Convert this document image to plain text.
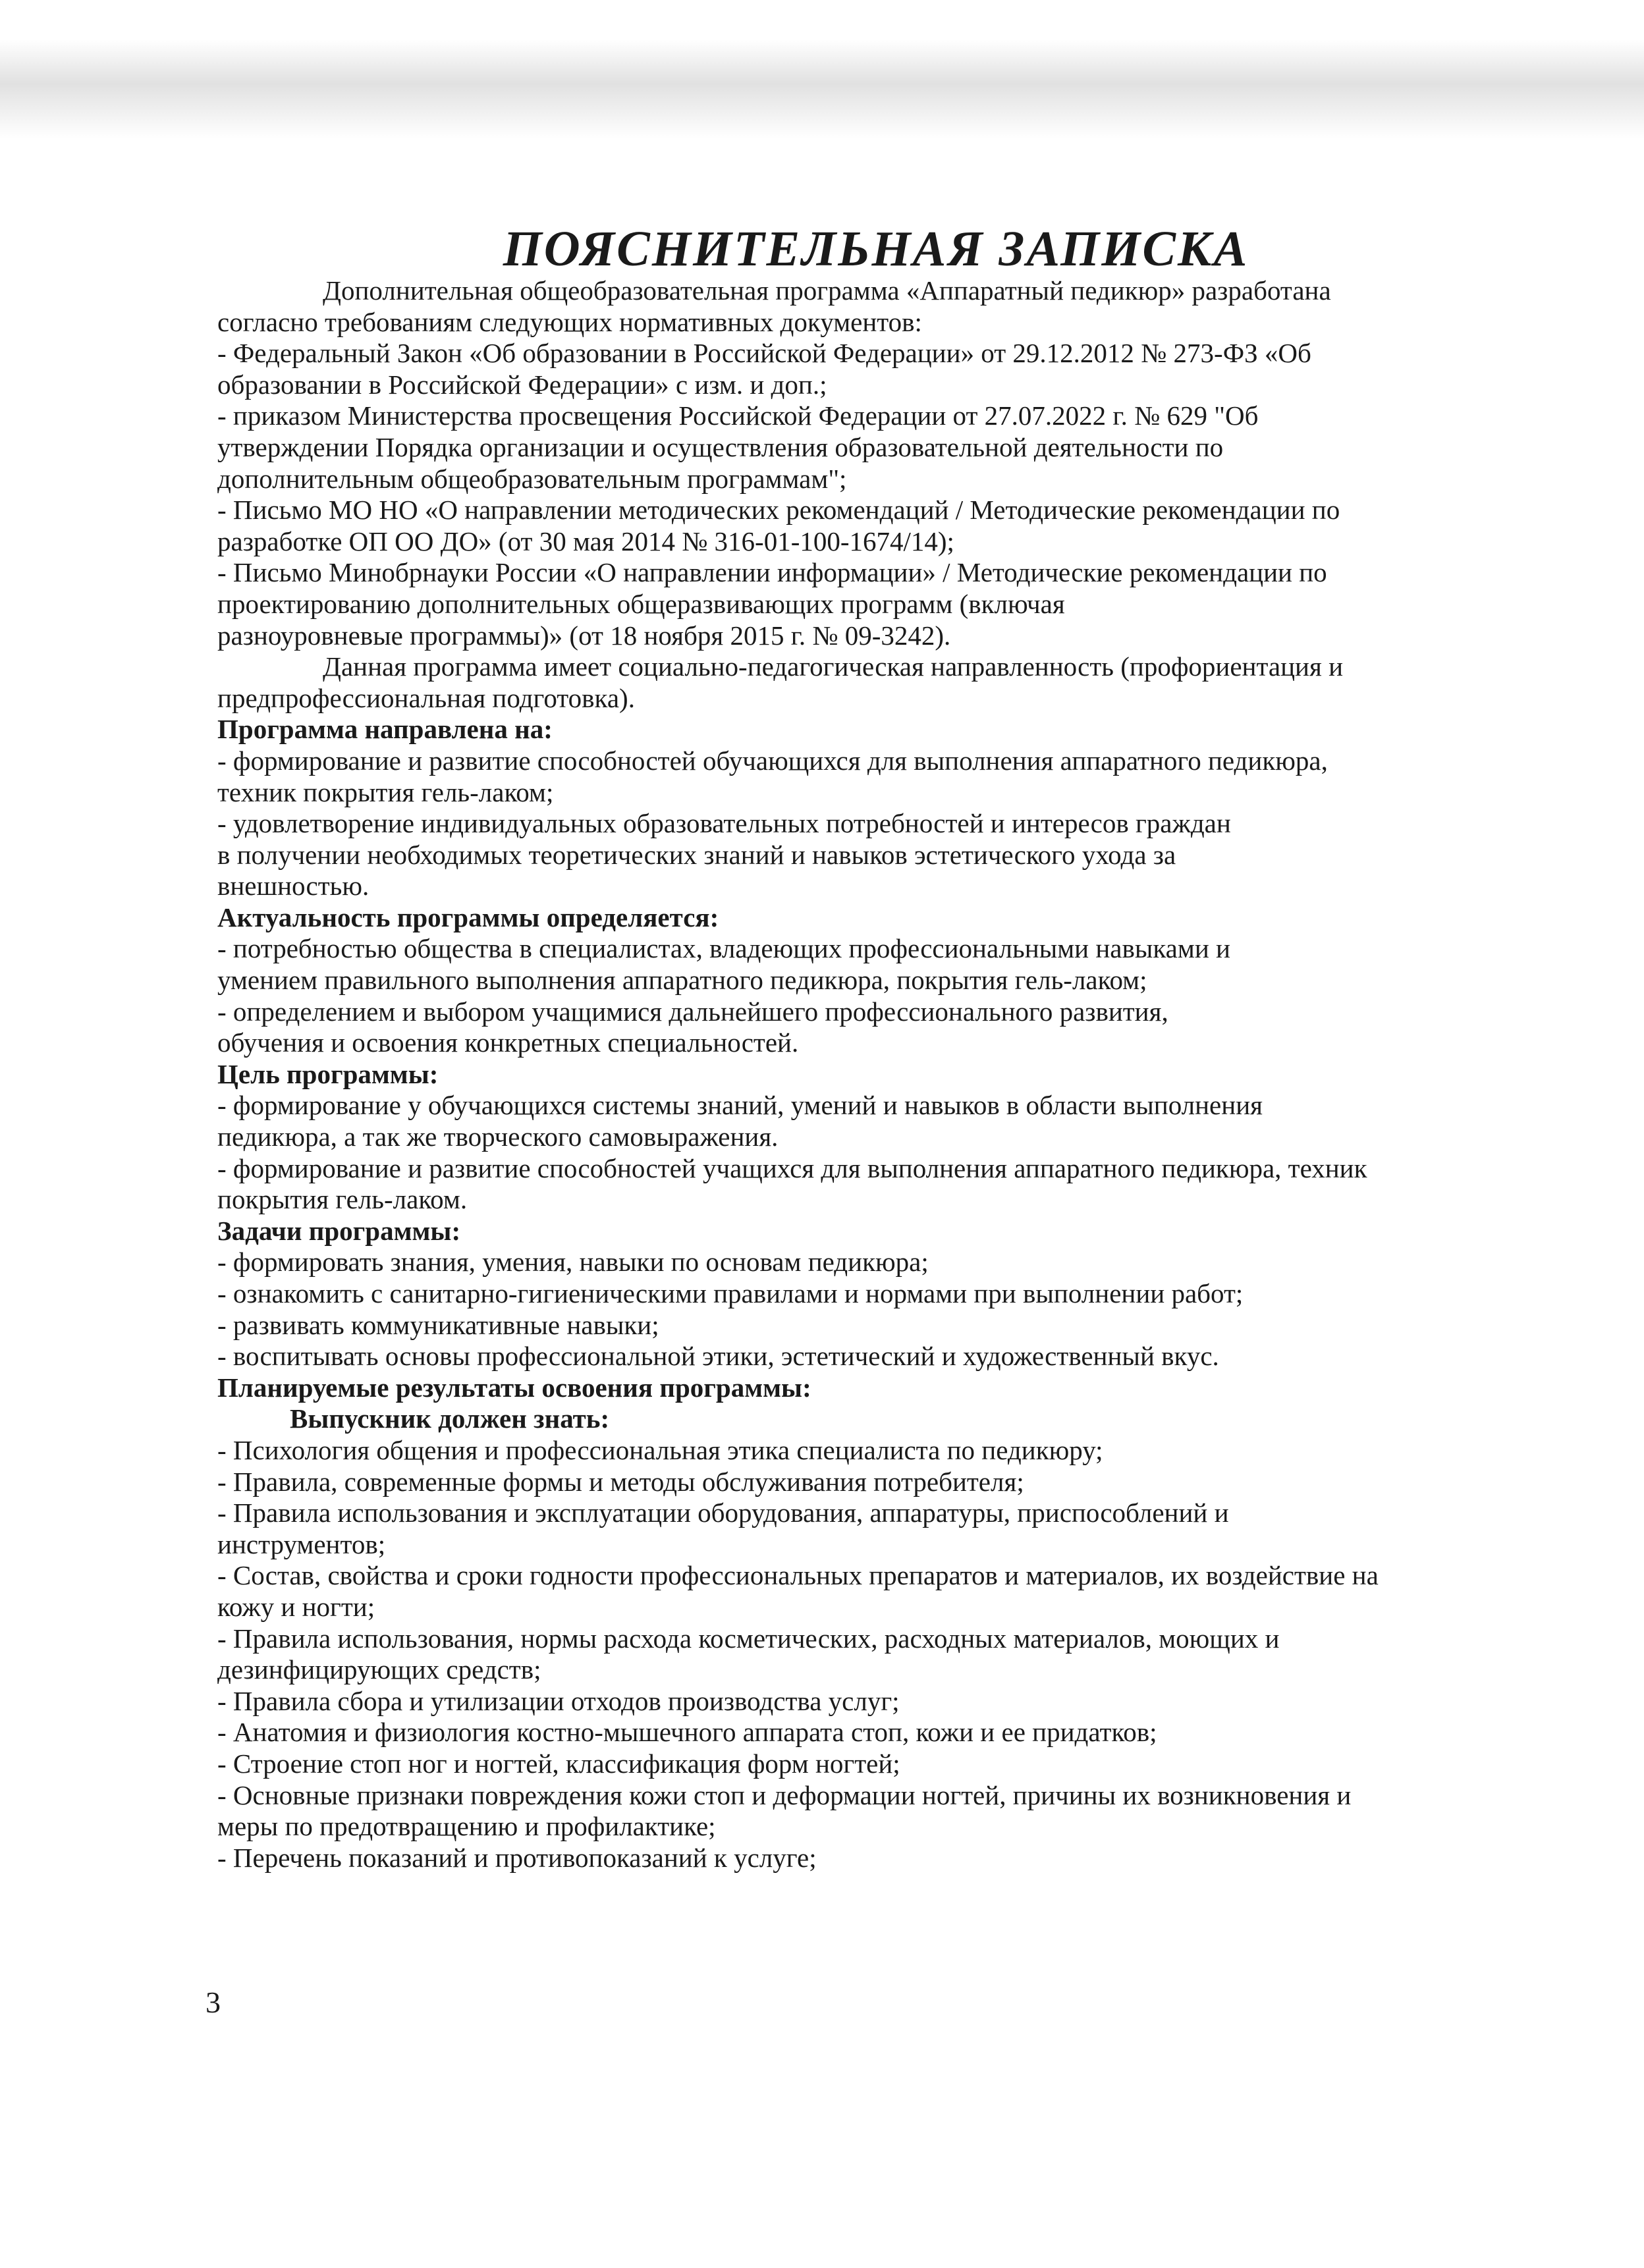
ПОЯСНИТЕЛЬНАЯ ЗАПИСКА
Дополнительная общеобразовательная программа «Аппаратный педикюр» разработана
согласно требованиям следующих нормативных документов:
- Федеральный Закон «Об образовании в Российской Федерации» от 29.12.2012 № 273-ФЗ «Об
образовании в Российской Федерации» с изм. и доп.;
- приказом Министерства просвещения Российской Федерации от 27.07.2022 г. № 629 "Об
утверждении Порядка организации и осуществления образовательной деятельности по
дополнительным общеобразовательным программам";
- Письмо МО НО «О направлении методических рекомендаций / Методические рекомендации по
разработке ОП ОО ДО» (от 30 мая 2014 № 316-01-100-1674/14);
- Письмо Минобрнауки России «О направлении информации» / Методические рекомендации по
проектированию дополнительных общеразвивающих программ (включая
разноуровневые программы)» (от 18 ноября 2015 г. № 09-3242).
Данная программа имеет социально-педагогическая направленность (профориентация и
предпрофессиональная подготовка).
Программа направлена на:
- формирование и развитие способностей обучающихся для выполнения аппаратного педикюра,
техник покрытия гель-лаком;
- удовлетворение индивидуальных образовательных потребностей и интересов граждан
в получении необходимых теоретических знаний и навыков эстетического ухода за
внешностью.
Актуальность программы определяется:
- потребностью общества в специалистах, владеющих профессиональными навыками и
умением правильного выполнения аппаратного педикюра, покрытия гель-лаком;
- определением и выбором учащимися дальнейшего профессионального развития,
обучения и освоения конкретных специальностей.
Цель программы:
- формирование у обучающихся системы знаний, умений и навыков в области выполнения
педикюра, а так же творческого самовыражения.
- формирование и развитие способностей учащихся для выполнения аппаратного педикюра, техник
покрытия гель-лаком.
Задачи программы:
- формировать знания, умения, навыки по основам педикюра;
- ознакомить с санитарно-гигиеническими правилами и нормами при выполнении работ;
- развивать коммуникативные навыки;
- воспитывать основы профессиональной этики, эстетический и художественный вкус.
Планируемые результаты освоения программы:
Выпускник должен знать:
- Психология общения и профессиональная этика специалиста по педикюру;
- Правила, современные формы и методы обслуживания потребителя;
- Правила использования и эксплуатации оборудования, аппаратуры, приспособлений и
инструментов;
- Состав, свойства и сроки годности профессиональных препаратов и материалов, их воздействие на
кожу и ногти;
- Правила использования, нормы расхода косметических, расходных материалов, моющих и
дезинфицирующих средств;
- Правила сбора и утилизации отходов производства услуг;
- Анатомия и физиология костно-мышечного аппарата стоп, кожи и ее придатков;
- Строение стоп ног и ногтей, классификация форм ногтей;
- Основные признаки повреждения кожи стоп и деформации ногтей, причины их возникновения и
меры по предотвращению и профилактике;
- Перечень показаний и противопоказаний к услуге;
3
